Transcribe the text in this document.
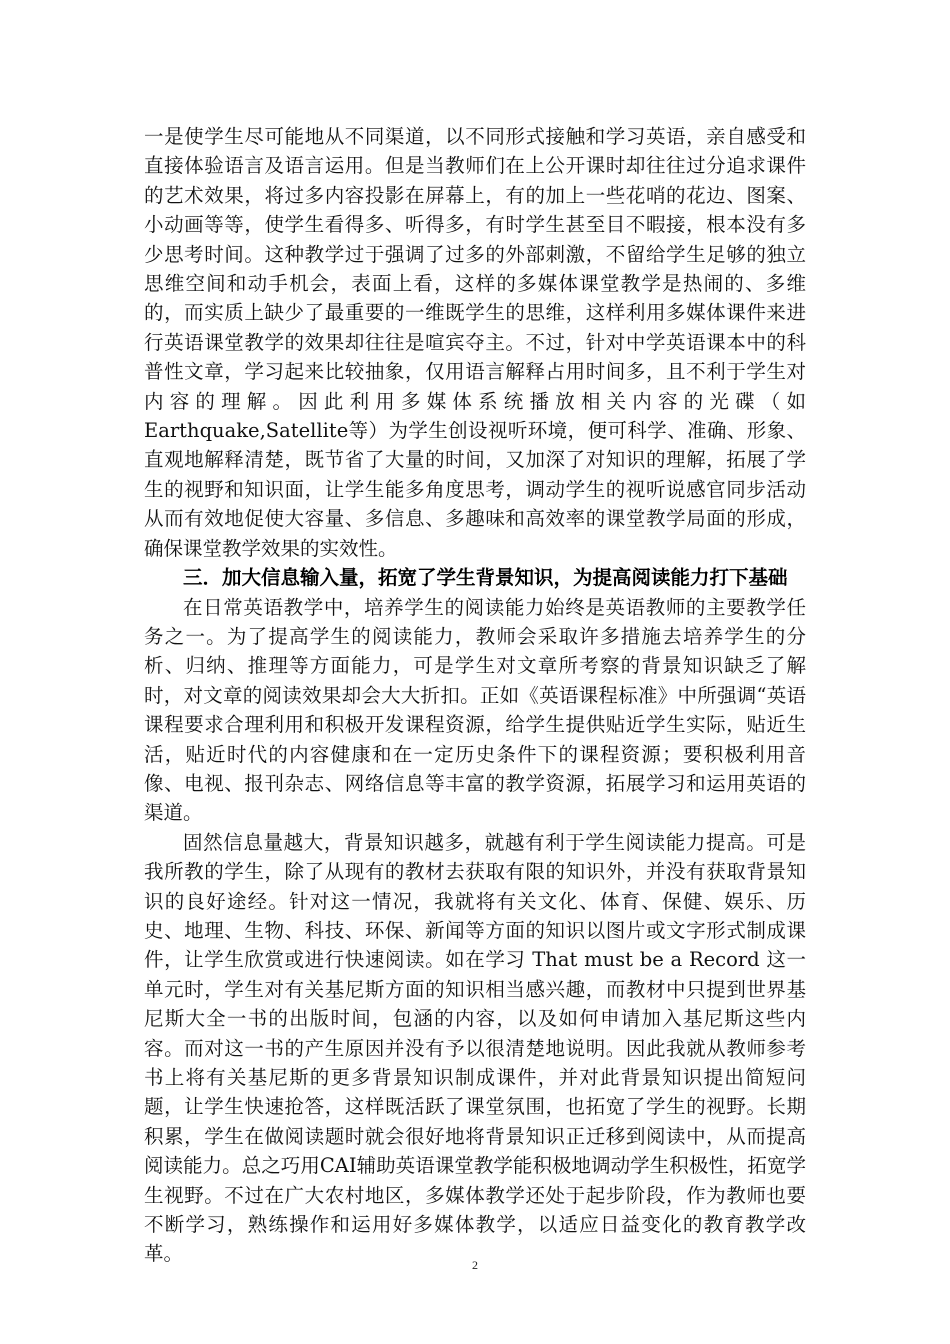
一是使学生尽可能地从不同渠道，以不同形式接触和学习英语，亲自感受和直接体验语言及语言运用。但是当教师们在上公开课时却往往过分追求课件的艺术效果，将过多内容投影在屏幕上，有的加上一些花哨的花边、图案、小动画等等，使学生看得多、听得多，有时学生甚至目不暇接，根本没有多少思考时间。这种教学过于强调了过多的外部刺激，不留给学生足够的独立思维空间和动手机会，表面上看，这样的多媒体课堂教学是热闹的、多维的，而实质上缺少了最重要的一维既学生的思维，这样利用多媒体课件来进行英语课堂教学的效果却往往是喧宾夺主。不过，针对中学英语课本中的科普性文章，学习起来比较抽象，仅用语言解释占用时间多，且不利于学生对内容的理解。因此利用多媒体系统播放相关内容的光碟（如Earthquake,Satellite等）为学生创设视听环境，便可科学、准确、形象、直观地解释清楚，既节省了大量的时间，又加深了对知识的理解，拓展了学生的视野和知识面，让学生能多角度思考，调动学生的视听说感官同步活动从而有效地促使大容量、多信息、多趣味和高效率的课堂教学局面的形成，确保课堂教学效果的实效性。

三．加大信息输入量，拓宽了学生背景知识，为提高阅读能力打下基础

在日常英语教学中，培养学生的阅读能力始终是英语教师的主要教学任务之一。为了提高学生的阅读能力，教师会采取许多措施去培养学生的分析、归纳、推理等方面能力，可是学生对文章所考察的背景知识缺乏了解时，对文章的阅读效果却会大大折扣。正如《英语课程标准》中所强调“英语课程要求合理利用和积极开发课程资源，给学生提供贴近学生实际，贴近生活，贴近时代的内容健康和在一定历史条件下的课程资源；要积极利用音像、电视、报刊杂志、网络信息等丰富的教学资源，拓展学习和运用英语的渠道。

固然信息量越大，背景知识越多，就越有利于学生阅读能力提高。可是我所教的学生，除了从现有的教材去获取有限的知识外，并没有获取背景知识的良好途经。针对这一情况，我就将有关文化、体育、保健、娱乐、历史、地理、生物、科技、环保、新闻等方面的知识以图片或文字形式制成课件，让学生欣赏或进行快速阅读。如在学习 That must be a Record 这一单元时，学生对有关基尼斯方面的知识相当感兴趣，而教材中只提到世界基尼斯大全一书的出版时间，包涵的内容，以及如何申请加入基尼斯这些内容。而对这一书的产生原因并没有予以很清楚地说明。因此我就从教师参考书上将有关基尼斯的更多背景知识制成课件，并对此背景知识提出简短问题，让学生快速抢答，这样既活跃了课堂氛围，也拓宽了学生的视野。长期积累，学生在做阅读题时就会很好地将背景知识正迁移到阅读中，从而提高阅读能力。总之巧用CAI辅助英语课堂教学能积极地调动学生积极性，拓宽学生视野。不过在广大农村地区，多媒体教学还处于起步阶段，作为教师也要不断学习，熟练操作和运用好多媒体教学，以适应日益变化的教育教学改革。	2
